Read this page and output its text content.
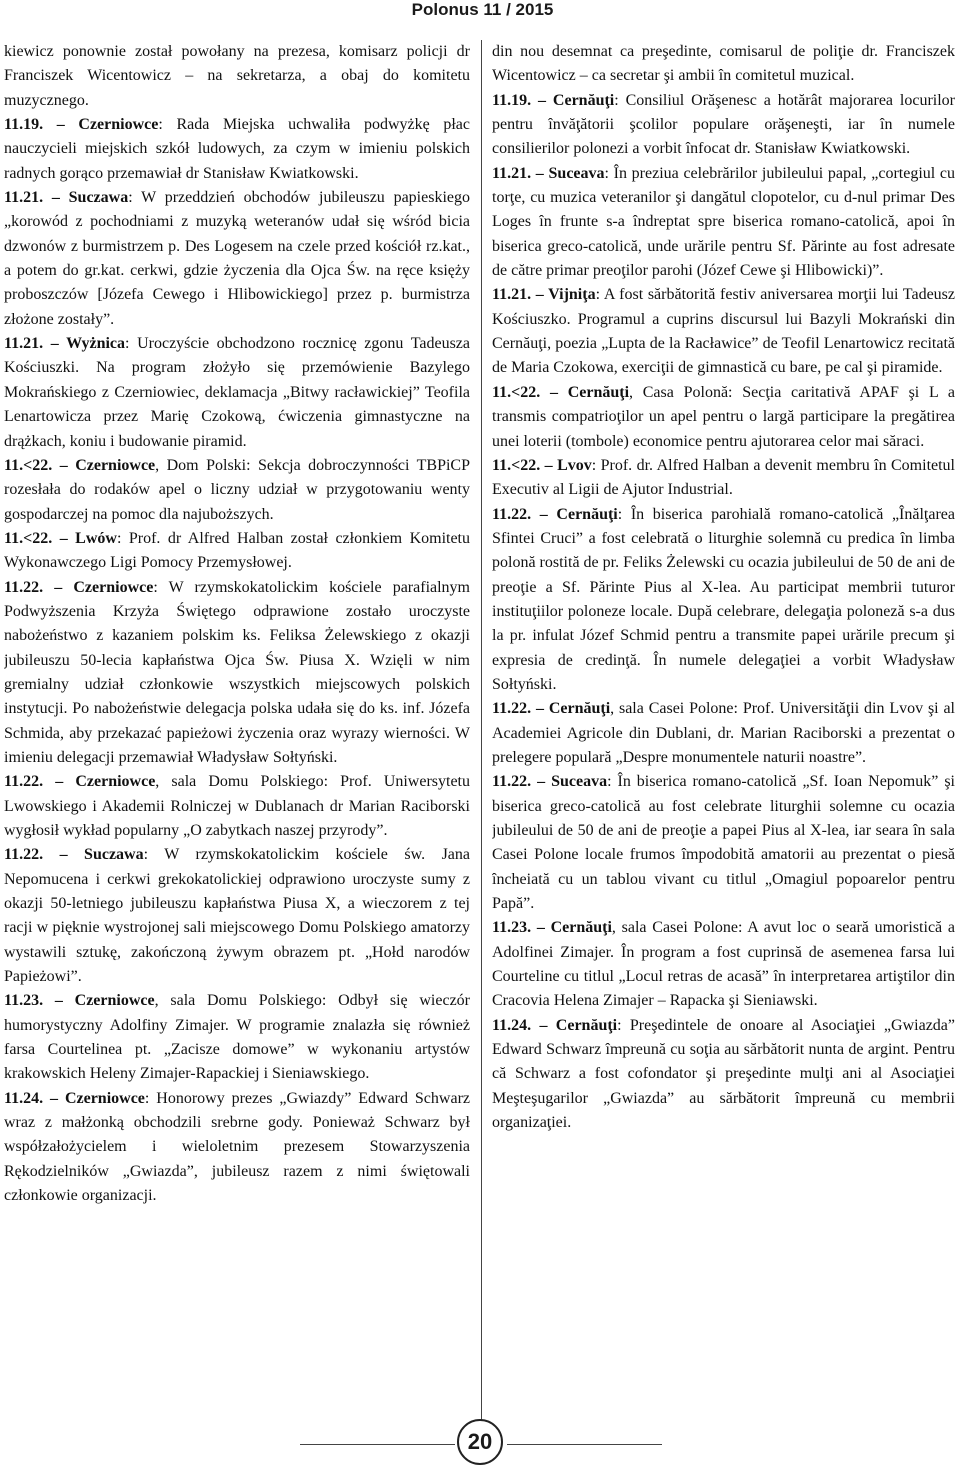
Polonus 11 / 2015

kiewicz ponownie został powołany na prezesa, komisarz policji dr Franciszek Wicentowicz – na sekretarza, a obaj do komitetu muzycznego.

11.19. – Czerniowce: Rada Miejska uchwaliła podwyżkę płac nauczycieli miejskich szkół ludowych, za czym w imieniu polskich radnych gorąco przemawiał dr Stanisław Kwiatkowski.

11.21. – Suczawa: W przeddzień obchodów jubileuszu papieskiego „korowód z pochodniami z muzyką weteranów udał się wśród bicia dzwonów z burmistrzem p. Des Logesem na czele przed kościół rz.kat., a potem do gr.kat. cerkwi, gdzie życzenia dla Ojca Św. na ręce księży proboszczów [Józefa Cewego i Hlibowickiego] przez p. burmistrza złożone zostały”.

11.21. – Wyżnica: Uroczyście obchodzono rocznicę zgonu Tadeusza Kościuszki. Na program złożyło się przemówienie Bazylego Mokrańskiego z Czerniowiec, deklamacja „Bitwy racławickiej” Teofila Lenartowicza przez Marię Czokową, ćwiczenia gimnastyczne na drążkach, koniu i budowanie piramid.

11.<22. – Czerniowce, Dom Polski: Sekcja dobroczynności TBPiCP rozesłała do rodaków apel o liczny udział w przygotowaniu wenty gospodarczej na pomoc dla najuboższych.

11.<22. – Lwów: Prof. dr Alfred Halban został członkiem Komitetu Wykonawczego Ligi Pomocy Przemysłowej.

11.22. – Czerniowce: W rzymskokatolickim kościele parafialnym Podwyższenia Krzyża Świętego odprawione zostało uroczyste nabożeństwo z kazaniem polskim ks. Feliksa Żelewskiego z okazji jubileuszu 50-lecia kapłaństwa Ojca Św. Piusa X. Wzięli w nim gremialny udział członkowie wszystkich miejscowych polskich instytucji. Po nabożeństwie delegacja polska udała się do ks. inf. Józefa Schmida, aby przekazać papieżowi życzenia oraz wyrazy wierności. W imieniu delegacji przemawiał Władysław Sołtyński.

11.22. – Czerniowce, sala Domu Polskiego: Prof. Uniwersytetu Lwowskiego i Akademii Rolniczej w Dublanach dr Marian Raciborski wygłosił wykład popularny „O zabytkach naszej przyrody”.

11.22. – Suczawa: W rzymskokatolickim kościele św. Jana Nepomucena i cerkwi grekokatolickiej odprawiono uroczyste sumy z okazji 50-letniego jubileuszu kapłaństwa Piusa X, a wieczorem z tej racji w pięknie wystrojonej sali miejscowego Domu Polskiego amatorzy wystawili sztukę, zakończoną żywym obrazem pt. „Hołd narodów Papieżowi”.

11.23. – Czerniowce, sala Domu Polskiego: Odbył się wieczór humorystyczny Adolfiny Zimajer. W programie znalazła się również farsa Courtelinea pt. „Zacisze domowe” w wykonaniu artystów krakowskich Heleny Zimajer-Rapackiej i Sieniawskiego.

11.24. – Czerniowce: Honorowy prezes „Gwiazdy” Edward Schwarz wraz z małżonką obchodzili srebrne gody. Ponieważ Schwarz był współzałożycielem i wieloletnim prezesem Stowarzyszenia Rękodzielników „Gwiazda”, jubileusz razem z nimi świętowali członkowie organizacji.

din nou desemnat ca preşedinte, comisarul de poliţie dr. Franciszek Wicentowicz – ca secretar şi ambii în comitetul muzical.

11.19. – Cernăuţi: Consiliul Orăşenesc a hotărât majorarea locurilor pentru învăţătorii şcolilor populare orăşeneşti, iar în numele consilierilor polonezi a vorbit înfocat dr. Stanisław Kwiatkowski.

11.21. – Suceava: În preziua celebrărilor jubileului papal, „cortegiul cu torţe, cu muzica veteranilor şi dangătul clopotelor, cu d-nul primar Des Loges în frunte s-a îndreptat spre biserica romano-catolică, apoi în biserica greco-catolică, unde urările pentru Sf. Părinte au fost adresate de către primar preoţilor parohi (Józef Cewe şi Hlibowicki)”.

11.21. – Vijniţa: A fost sărbătorită festiv aniversarea morţii lui Tadeusz Kościuszko. Programul a cuprins discursul lui Bazyli Mokrański din Cernăuţi, poezia „Lupta de la Racławice” de Teofil Lenartowicz recitată de Maria Czokowa, exerciţii de gimnastică cu bare, pe cal şi piramide.

11.<22. – Cernăuţi, Casa Polonă: Secţia caritativă APAF şi L a transmis compatrioţilor un apel pentru o largă participare la pregătirea unei loterii (tombole) economice pentru ajutorarea celor mai săraci.

11.<22. – Lvov: Prof. dr. Alfred Halban a devenit membru în Comitetul Executiv al Ligii de Ajutor Industrial.

11.22. – Cernăuţi: În biserica parohială romano-catolică „Înălţarea Sfintei Cruci” a fost celebrată o liturghie solemnă cu predica în limba polonă rostită de pr. Feliks Żelewski cu ocazia jubileului de 50 de ani de preoţie a Sf. Părinte Pius al X-lea. Au participat membrii tuturor instituţiilor poloneze locale. După celebrare, delegaţia poloneză s-a dus la pr. infulat Józef Schmid pentru a transmite papei urările precum şi expresia de credinţă. În numele delegaţiei a vorbit Władysław Sołtyński.

11.22. – Cernăuţi, sala Casei Polone: Prof. Universităţii din Lvov şi al Academiei Agricole din Dublani, dr. Marian Raciborski a prezentat o prelegere populară „Despre monumentele naturii noastre”.

11.22. – Suceava: În biserica romano-catolică „Sf. Ioan Nepomuk” şi biserica greco-catolică au fost celebrate liturghii solemne cu ocazia jubileului de 50 de ani de preoţie a papei Pius al X-lea, iar seara în sala Casei Polone locale frumos împodobită amatorii au prezentat o piesă încheiată cu un tablou vivant cu titlul „Omagiul popoarelor pentru Papă”.

11.23. – Cernăuţi, sala Casei Polone: A avut loc o seară umoristică a Adolfinei Zimajer. În program a fost cuprinsă de asemenea farsa lui Courteline cu titlul „Locul retras de acasă” în interpretarea artiştilor din Cracovia Helena Zimajer – Rapacka şi Sieniawski.

11.24. – Cernăuţi: Preşedintele de onoare al Asociaţiei „Gwiazda” Edward Schwarz împreună cu soţia au sărbătorit nunta de argint. Pentru că Schwarz a fost cofondator şi preşedinte mulţi ani al Asociaţiei Meşteşugarilor „Gwiazda” au sărbătorit împreună cu membrii organizaţiei.

20
